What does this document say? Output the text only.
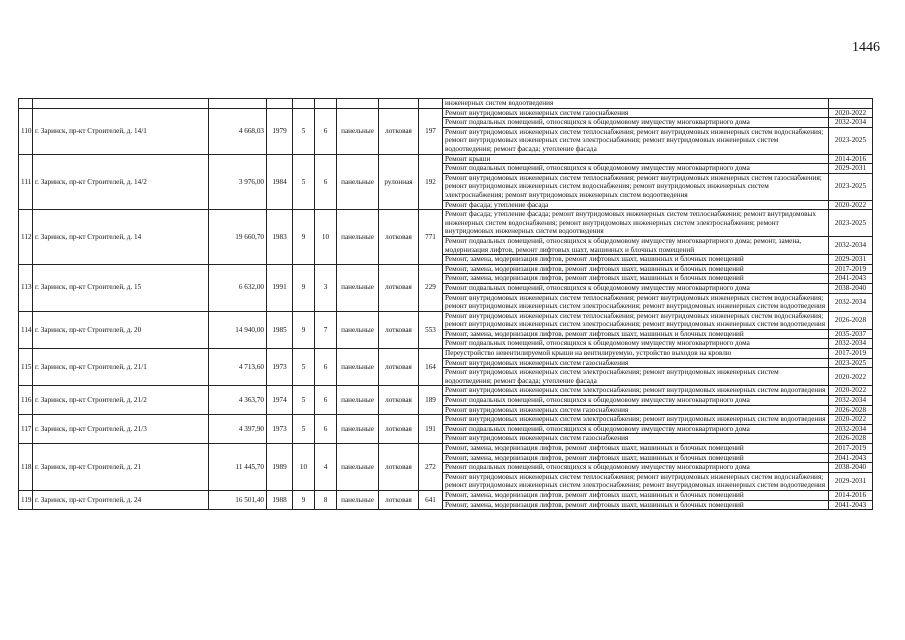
1446
									инженерных систем водоотведения	
110	г. Заринск, пр-кт Строителей, д. 14/1	4 668,03	1979	5	6	панельные	лотковая	197	Ремонт внутридомовых инженерных систем газоснабжения	2020-2022
									Ремонт подвальных помещений, относящихся к общедомовому имуществу многоквартирного дома	2032-2034
									Ремонт внутридомовых инженерных систем теплоснабжения; ремонт внутридомовых инженерных систем водоснабжения; ремонт внутридомовых инженерных систем электроснабжения; ремонт внутридомовых инженерных систем водоотведения; ремонт фасада; утепление фасада	2023-2025
111	г. Заринск, пр-кт Строителей, д. 14/2	3 976,00	1984	5	6	панельные	рулонная	192	Ремонт крыши	2014-2016
									Ремонт подвальных помещений, относящихся к общедомовому имуществу многоквартирного дома	2029-2031
									Ремонт внутридомовых инженерных систем теплоснабжения; ремонт внутридомовых инженерных систем газоснабжения; ремонт внутридомовых инженерных систем водоснабжения; ремонт внутридомовых инженерных систем электроснабжения; ремонт внутридомовых инженерных систем водоотведения	2023-2025
									Ремонт фасада; утепление фасада	2020-2022
112	г. Заринск, пр-кт Строителей, д. 14	19 660,70	1983	9	10	панельные	лотковая	771	Ремонт фасада; утепление фасада; ремонт внутридомовых инженерных систем теплоснабжения; ремонт внутридомовых инженерных систем водоснабжения; ремонт внутридомовых инженерных систем электроснабжения; ремонт внутридомовых инженерных систем водоотведения	2023-2025
									Ремонт подвальных помещений, относящихся к общедомовому имуществу многоквартирного дома; ремонт, замена, модернизация лифтов, ремонт лифтовых шахт, машинных и блочных помещений	2032-2034
									Ремонт, замена, модернизация лифтов, ремонт лифтовых шахт, машинных и блочных помещений	2029-2031
113	г. Заринск, пр-кт Строителей, д. 15	6 632,00	1991	9	3	панельные	лотковая	229	Ремонт, замена, модернизация лифтов, ремонт лифтовых шахт, машинных и блочных помещений	2017-2019
									Ремонт, замена, модернизация лифтов, ремонт лифтовых шахт, машинных и блочных помещений	2041-2043
									Ремонт подвальных помещений, относящихся к общедомовому имуществу многоквартирного дома	2038-2040
									Ремонт внутридомовых инженерных систем теплоснабжения; ремонт внутридомовых инженерных систем водоснабжения; ремонт внутридомовых инженерных систем электроснабжения; ремонт внутридомовых инженерных систем водоотведения	2032-2034
114	г. Заринск, пр-кт Строителей, д. 20	14 940,00	1985	9	7	панельные	лотковая	553	Ремонт внутридомовых инженерных систем теплоснабжения; ремонт внутридомовых инженерных систем водоснабжения; ремонт внутридомовых инженерных систем электроснабжения; ремонт внутридомовых инженерных систем водоотведения	2026-2028
									Ремонт, замена, модернизация лифтов, ремонт лифтовых шахт, машинных и блочных помещений	2035-2037
									Ремонт подвальных помещений, относящихся к общедомовому имуществу многоквартирного дома	2032-2034
115	г. Заринск, пр-кт Строителей, д. 21/1	4 713,60	1973	5	6	панельные	лотковая	164	Переустройство невентилируемой крыши на вентилируемую, устройство выходов на кровлю	2017-2019
									Ремонт внутридомовых инженерных систем газоснабжения	2023-2025
									Ремонт внутридомовых инженерных систем электроснабжения; ремонт внутридомовых инженерных систем водоотведения; ремонт фасада; утепление фасада	2020-2022
116	г. Заринск, пр-кт Строителей, д. 21/2	4 363,70	1974	5	6	панельные	лотковая	189	Ремонт внутридомовых инженерных систем электроснабжения; ремонт внутридомовых инженерных систем водоотведения	2020-2022
									Ремонт подвальных помещений, относящихся к общедомовому имуществу многоквартирного дома	2032-2034
									Ремонт внутридомовых инженерных систем газоснабжения	2026-2028
117	г. Заринск, пр-кт Строителей, д. 21/3	4 397,90	1973	5	6	панельные	лотковая	191	Ремонт внутридомовых инженерных систем электроснабжения; ремонт внутридомовых инженерных систем водоотведения	2020-2022
									Ремонт подвальных помещений, относящихся к общедомовому имуществу многоквартирного дома	2032-2034
									Ремонт внутридомовых инженерных систем газоснабжения	2026-2028
118	г. Заринск, пр-кт Строителей, д. 21	11 445,70	1989	10	4	панельные	лотковая	272	Ремонт, замена, модернизация лифтов, ремонт лифтовых шахт, машинных и блочных помещений	2017-2019
									Ремонт, замена, модернизация лифтов, ремонт лифтовых шахт, машинных и блочных помещений	2041-2043
									Ремонт подвальных помещений, относящихся к общедомовому имуществу многоквартирного дома	2038-2040
									Ремонт внутридомовых инженерных систем теплоснабжения; ремонт внутридомовых инженерных систем водоснабжения; ремонт внутридомовых инженерных систем электроснабжения; ремонт внутридомовых инженерных систем водоотведения	2029-2031
119	г. Заринск, пр-кт Строителей, д. 24	16 501,40	1988	9	8	панельные	лотковая	641	Ремонт, замена, модернизация лифтов, ремонт лифтовых шахт, машинных и блочных помещений	2014-2016
									Ремонт, замена, модернизация лифтов, ремонт лифтовых шахт, машинных и блочных помещений	2041-2043
